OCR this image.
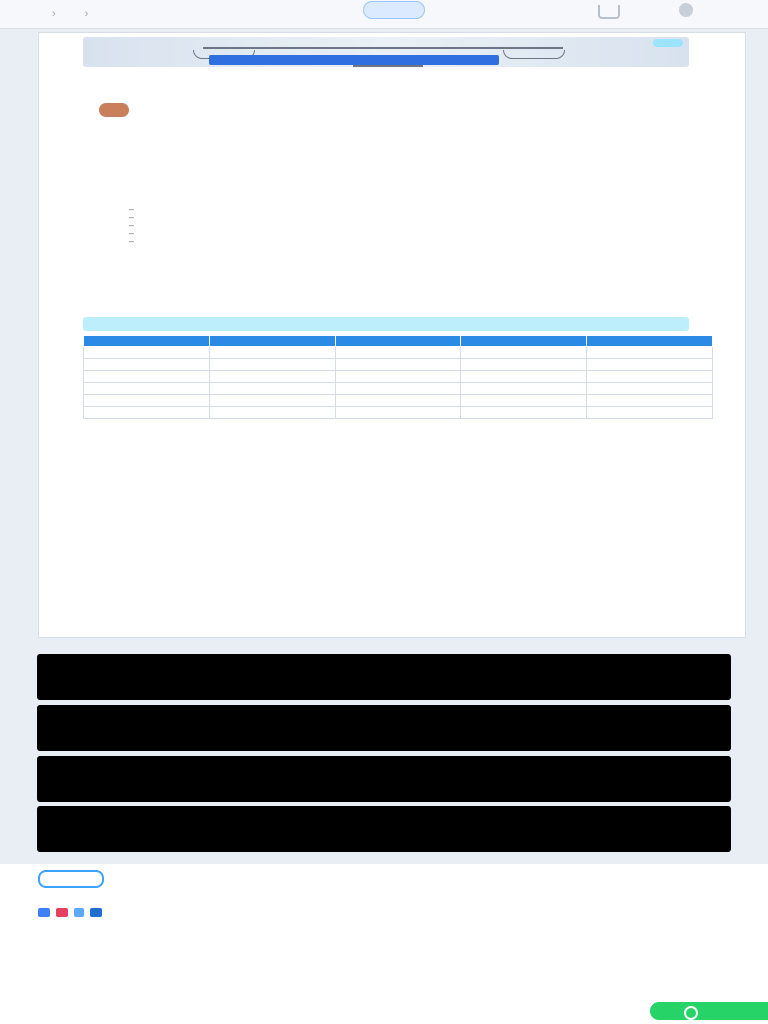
›	›
–
–
–
–
–
